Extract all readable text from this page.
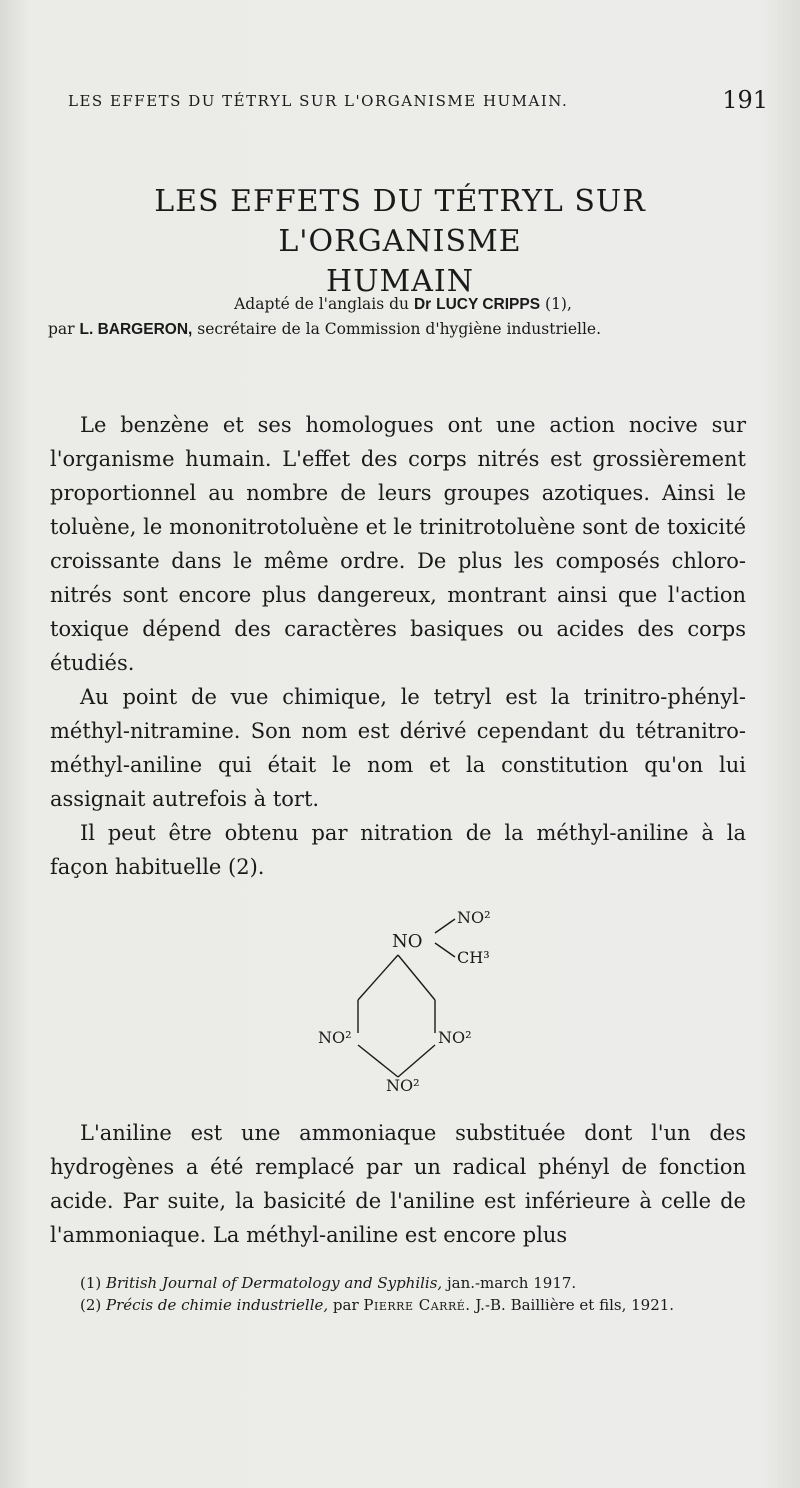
LES EFFETS DU TÉTRYL SUR L'ORGANISME HUMAIN.	191
LES EFFETS DU TÉTRYL SUR L'ORGANISME
HUMAIN
Adapté de l'anglais du Dr LUCY CRIPPS (1),
par L. BARGERON, secrétaire de la Commission d'hygiène industrielle.

Le benzène et ses homologues ont une action nocive sur l'organisme humain. L'effet des corps nitrés est grossièrement proportionnel au nombre de leurs groupes azotiques. Ainsi le toluène, le mononitrotoluène et le trinitrotoluène sont de toxicité croissante dans le même ordre. De plus les composés chloro-nitrés sont encore plus dangereux, montrant ainsi que l'action toxique dépend des caractères basiques ou acides des corps étudiés.

Au point de vue chimique, le tetryl est la trinitro-phényl-méthyl-nitramine. Son nom est dérivé cependant du tétranitro-méthyl-aniline qui était le nom et la constitution qu'on lui assignait autrefois à tort.

Il peut être obtenu par nitration de la méthyl-aniline à la façon habituelle (2).

NO
NO²
CH³
NO²	NO²
NO²

L'aniline est une ammoniaque substituée dont l'un des hydrogènes a été remplacé par un radical phényl de fonction acide. Par suite, la basicité de l'aniline est inférieure à celle de l'ammoniaque. La méthyl-aniline est encore plus

(1) British Journal of Dermatology and Syphilis, jan.-march 1917.

(2) Précis de chimie industrielle, par Pierre Carré. J.-B. Baillière et fils, 1921.
